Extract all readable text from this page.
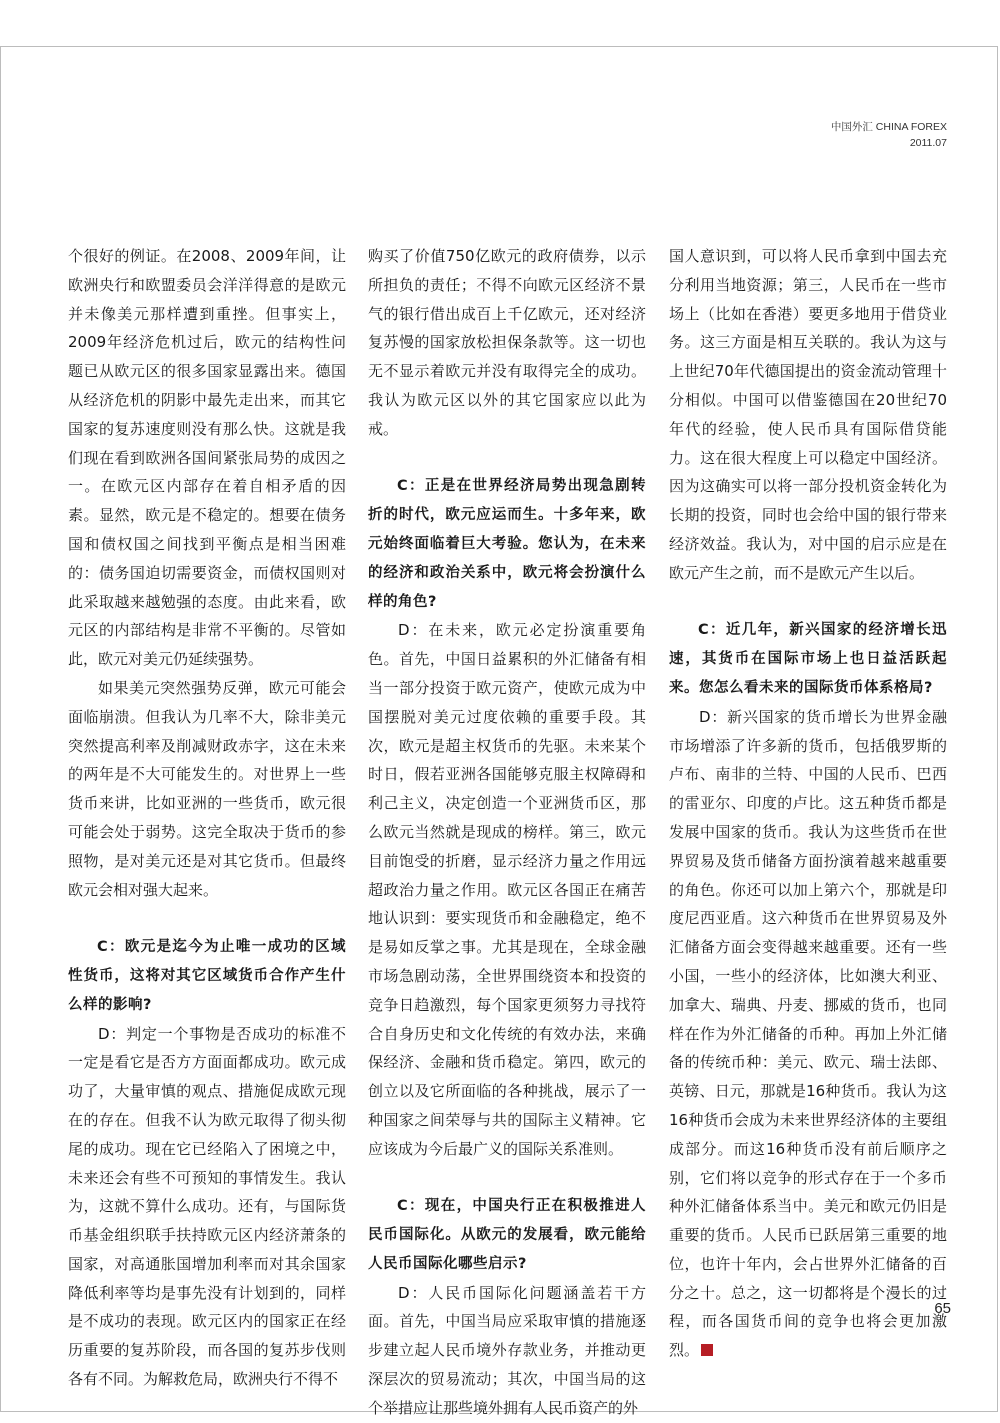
中国外汇 CHINA FOREX
2011.07

个很好的例证。在2008、2009年间，让欧洲央行和欧盟委员会洋洋得意的是欧元并未像美元那样遭到重挫。但事实上，2009年经济危机过后，欧元的结构性问题已从欧元区的很多国家显露出来。德国从经济危机的阴影中最先走出来，而其它国家的复苏速度则没有那么快。这就是我们现在看到欧洲各国间紧张局势的成因之一。在欧元区内部存在着自相矛盾的因素。显然，欧元是不稳定的。想要在债务国和债权国之间找到平衡点是相当困难的：债务国迫切需要资金，而债权国则对此采取越来越勉强的态度。由此来看，欧元区的内部结构是非常不平衡的。尽管如此，欧元对美元仍延续强势。

如果美元突然强势反弹，欧元可能会面临崩溃。但我认为几率不大，除非美元突然提高利率及削减财政赤字，这在未来的两年是不大可能发生的。对世界上一些货币来讲，比如亚洲的一些货币，欧元很可能会处于弱势。这完全取决于货币的参照物，是对美元还是对其它货币。但最终欧元会相对强大起来。

C：欧元是迄今为止唯一成功的区域性货币，这将对其它区域货币合作产生什么样的影响?

D：判定一个事物是否成功的标准不一定是看它是否方方面面都成功。欧元成功了，大量审慎的观点、措施促成欧元现在的存在。但我不认为欧元取得了彻头彻尾的成功。现在它已经陷入了困境之中，未来还会有些不可预知的事情发生。我认为，这就不算什么成功。还有，与国际货币基金组织联手扶持欧元区内经济萧条的国家，对高通胀国增加利率而对其余国家降低利率等均是事先没有计划到的，同样是不成功的表现。欧元区内的国家正在经历重要的复苏阶段，而各国的复苏步伐则各有不同。为解救危局，欧洲央行不得不

购买了价值750亿欧元的政府债券，以示所担负的责任；不得不向欧元区经济不景气的银行借出成百上千亿欧元，还对经济复苏慢的国家放松担保条款等。这一切也无不显示着欧元并没有取得完全的成功。我认为欧元区以外的其它国家应以此为戒。

C：正是在世界经济局势出现急剧转折的时代，欧元应运而生。十多年来，欧元始终面临着巨大考验。您认为，在未来的经济和政治关系中，欧元将会扮演什么样的角色?

D：在未来，欧元必定扮演重要角色。首先，中国日益累积的外汇储备有相当一部分投资于欧元资产，使欧元成为中国摆脱对美元过度依赖的重要手段。其次，欧元是超主权货币的先驱。未来某个时日，假若亚洲各国能够克服主权障碍和利己主义，决定创造一个亚洲货币区，那么欧元当然就是现成的榜样。第三，欧元目前饱受的折磨，显示经济力量之作用远超政治力量之作用。欧元区各国正在痛苦地认识到：要实现货币和金融稳定，绝不是易如反掌之事。尤其是现在，全球金融市场急剧动荡，全世界围绕资本和投资的竞争日趋激烈，每个国家更须努力寻找符合自身历史和文化传统的有效办法，来确保经济、金融和货币稳定。第四，欧元的创立以及它所面临的各种挑战，展示了一种国家之间荣辱与共的国际主义精神。它应该成为今后最广义的国际关系准则。

C：现在，中国央行正在积极推进人民币国际化。从欧元的发展看，欧元能给人民币国际化哪些启示?

D：人民币国际化问题涵盖若干方面。首先，中国当局应采取审慎的措施逐步建立起人民币境外存款业务，并推动更深层次的贸易流动；其次，中国当局的这个举措应让那些境外拥有人民币资产的外

国人意识到，可以将人民币拿到中国去充分利用当地资源；第三，人民币在一些市场上（比如在香港）要更多地用于借贷业务。这三方面是相互关联的。我认为这与上世纪70年代德国提出的资金流动管理十分相似。中国可以借鉴德国在20世纪70年代的经验，使人民币具有国际借贷能力。这在很大程度上可以稳定中国经济。因为这确实可以将一部分投机资金转化为长期的投资，同时也会给中国的银行带来经济效益。我认为，对中国的启示应是在欧元产生之前，而不是欧元产生以后。

C：近几年，新兴国家的经济增长迅速，其货币在国际市场上也日益活跃起来。您怎么看未来的国际货币体系格局?

D：新兴国家的货币增长为世界金融市场增添了许多新的货币，包括俄罗斯的卢布、南非的兰特、中国的人民币、巴西的雷亚尔、印度的卢比。这五种货币都是发展中国家的货币。我认为这些货币在世界贸易及货币储备方面扮演着越来越重要的角色。你还可以加上第六个，那就是印度尼西亚盾。这六种货币在世界贸易及外汇储备方面会变得越来越重要。还有一些小国，一些小的经济体，比如澳大利亚、加拿大、瑞典、丹麦、挪威的货币，也同样在作为外汇储备的币种。再加上外汇储备的传统币种：美元、欧元、瑞士法郎、英镑、日元，那就是16种货币。我认为这16种货币会成为未来世界经济体的主要组成部分。而这16种货币没有前后顺序之别，它们将以竞争的形式存在于一个多币种外汇储备体系当中。美元和欧元仍旧是重要的货币。人民币已跃居第三重要的地位，也许十年内，会占世界外汇储备的百分之十。总之，这一切都将是个漫长的过程，而各国货币间的竞争也将会更加激烈。

65
